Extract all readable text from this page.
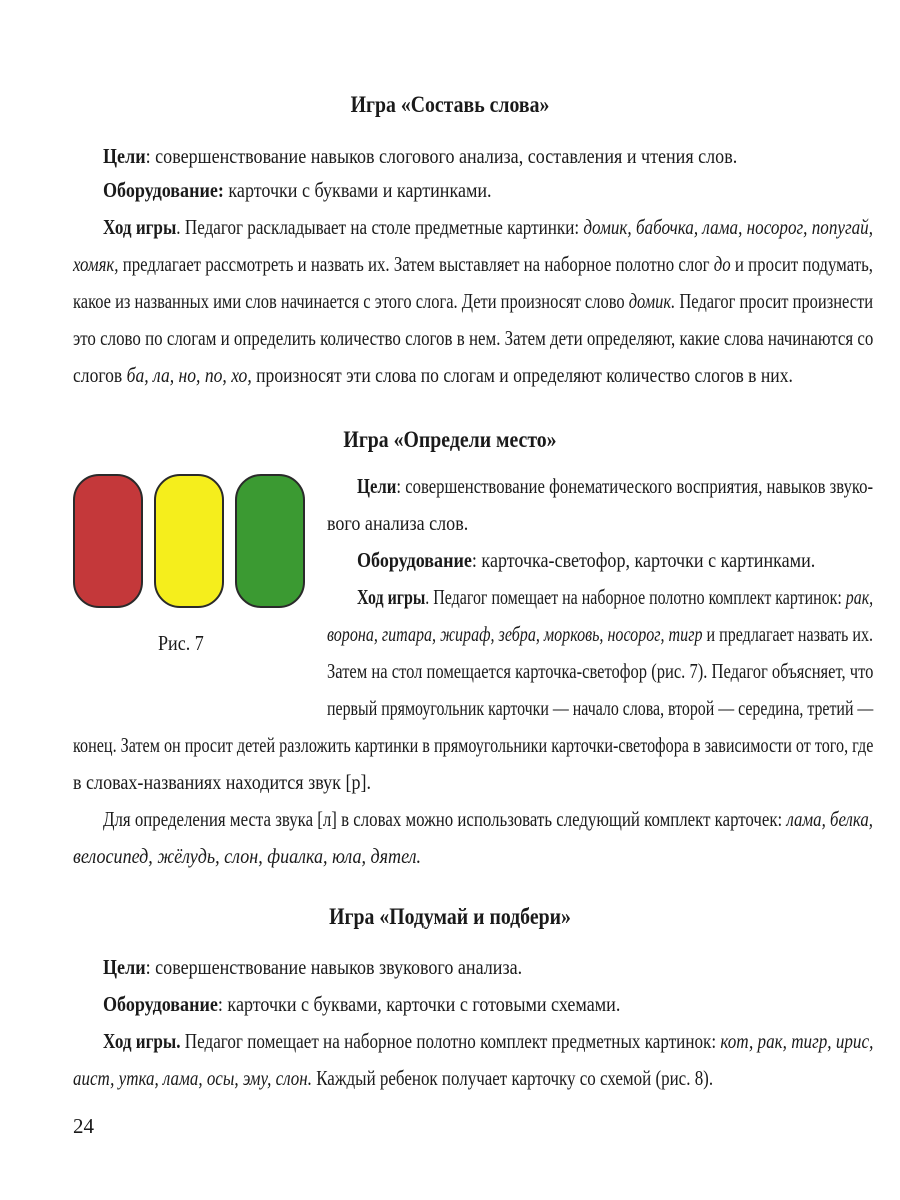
Игра «Составь слова»
Цели: совершенствование навыков слогового анализа, составления и чтения слов.
Оборудование: карточки с буквами и картинками.
Ход игры. Педагог раскладывает на столе предметные картинки: домик, бабочка, лама, носорог, попугай,
хомяк, предлагает рассмотреть и назвать их. Затем выставляет на наборное полотно слог до и просит подумать,
какое из названных ими слов начинается с этого слога. Дети произносят слово домик. Педагог просит произнести
это слово по слогам и определить количество слогов в нем. Затем дети определяют, какие слова начинаются со
слогов ба, ла, но, по, хо, произносят эти слова по слогам и определяют количество слогов в них.
Игра «Определи место»
Рис. 7
Цели: совершенствование фонематического восприятия, навыков звуко-
вого анализа слов.
Оборудование: карточка-светофор, карточки с картинками.
Ход игры. Педагог помещает на наборное полотно комплект картинок: рак,
ворона, гитара, жираф, зебра, морковь, носорог, тигр и предлагает назвать их.
Затем на стол помещается карточка-светофор (рис. 7). Педагог объясняет, что
первый прямоугольник карточки — начало слова, второй — середина, третий —
конец. Затем он просит детей разложить картинки в прямоугольники карточки-светофора в зависимости от того, где
в словах-названиях находится звук [р].
Для определения места звука [л] в словах можно использовать следующий комплект карточек: лама, белка,
велосипед, жёлудь, слон, фиалка, юла, дятел.
Игра «Подумай и подбери»
Цели: совершенствование навыков звукового анализа.
Оборудование: карточки с буквами, карточки с готовыми схемами.
Ход игры. Педагог помещает на наборное полотно комплект предметных картинок: кот, рак, тигр, ирис,
аист, утка, лама, осы, эму, слон. Каждый ребенок получает карточку со схемой (рис. 8).
24
